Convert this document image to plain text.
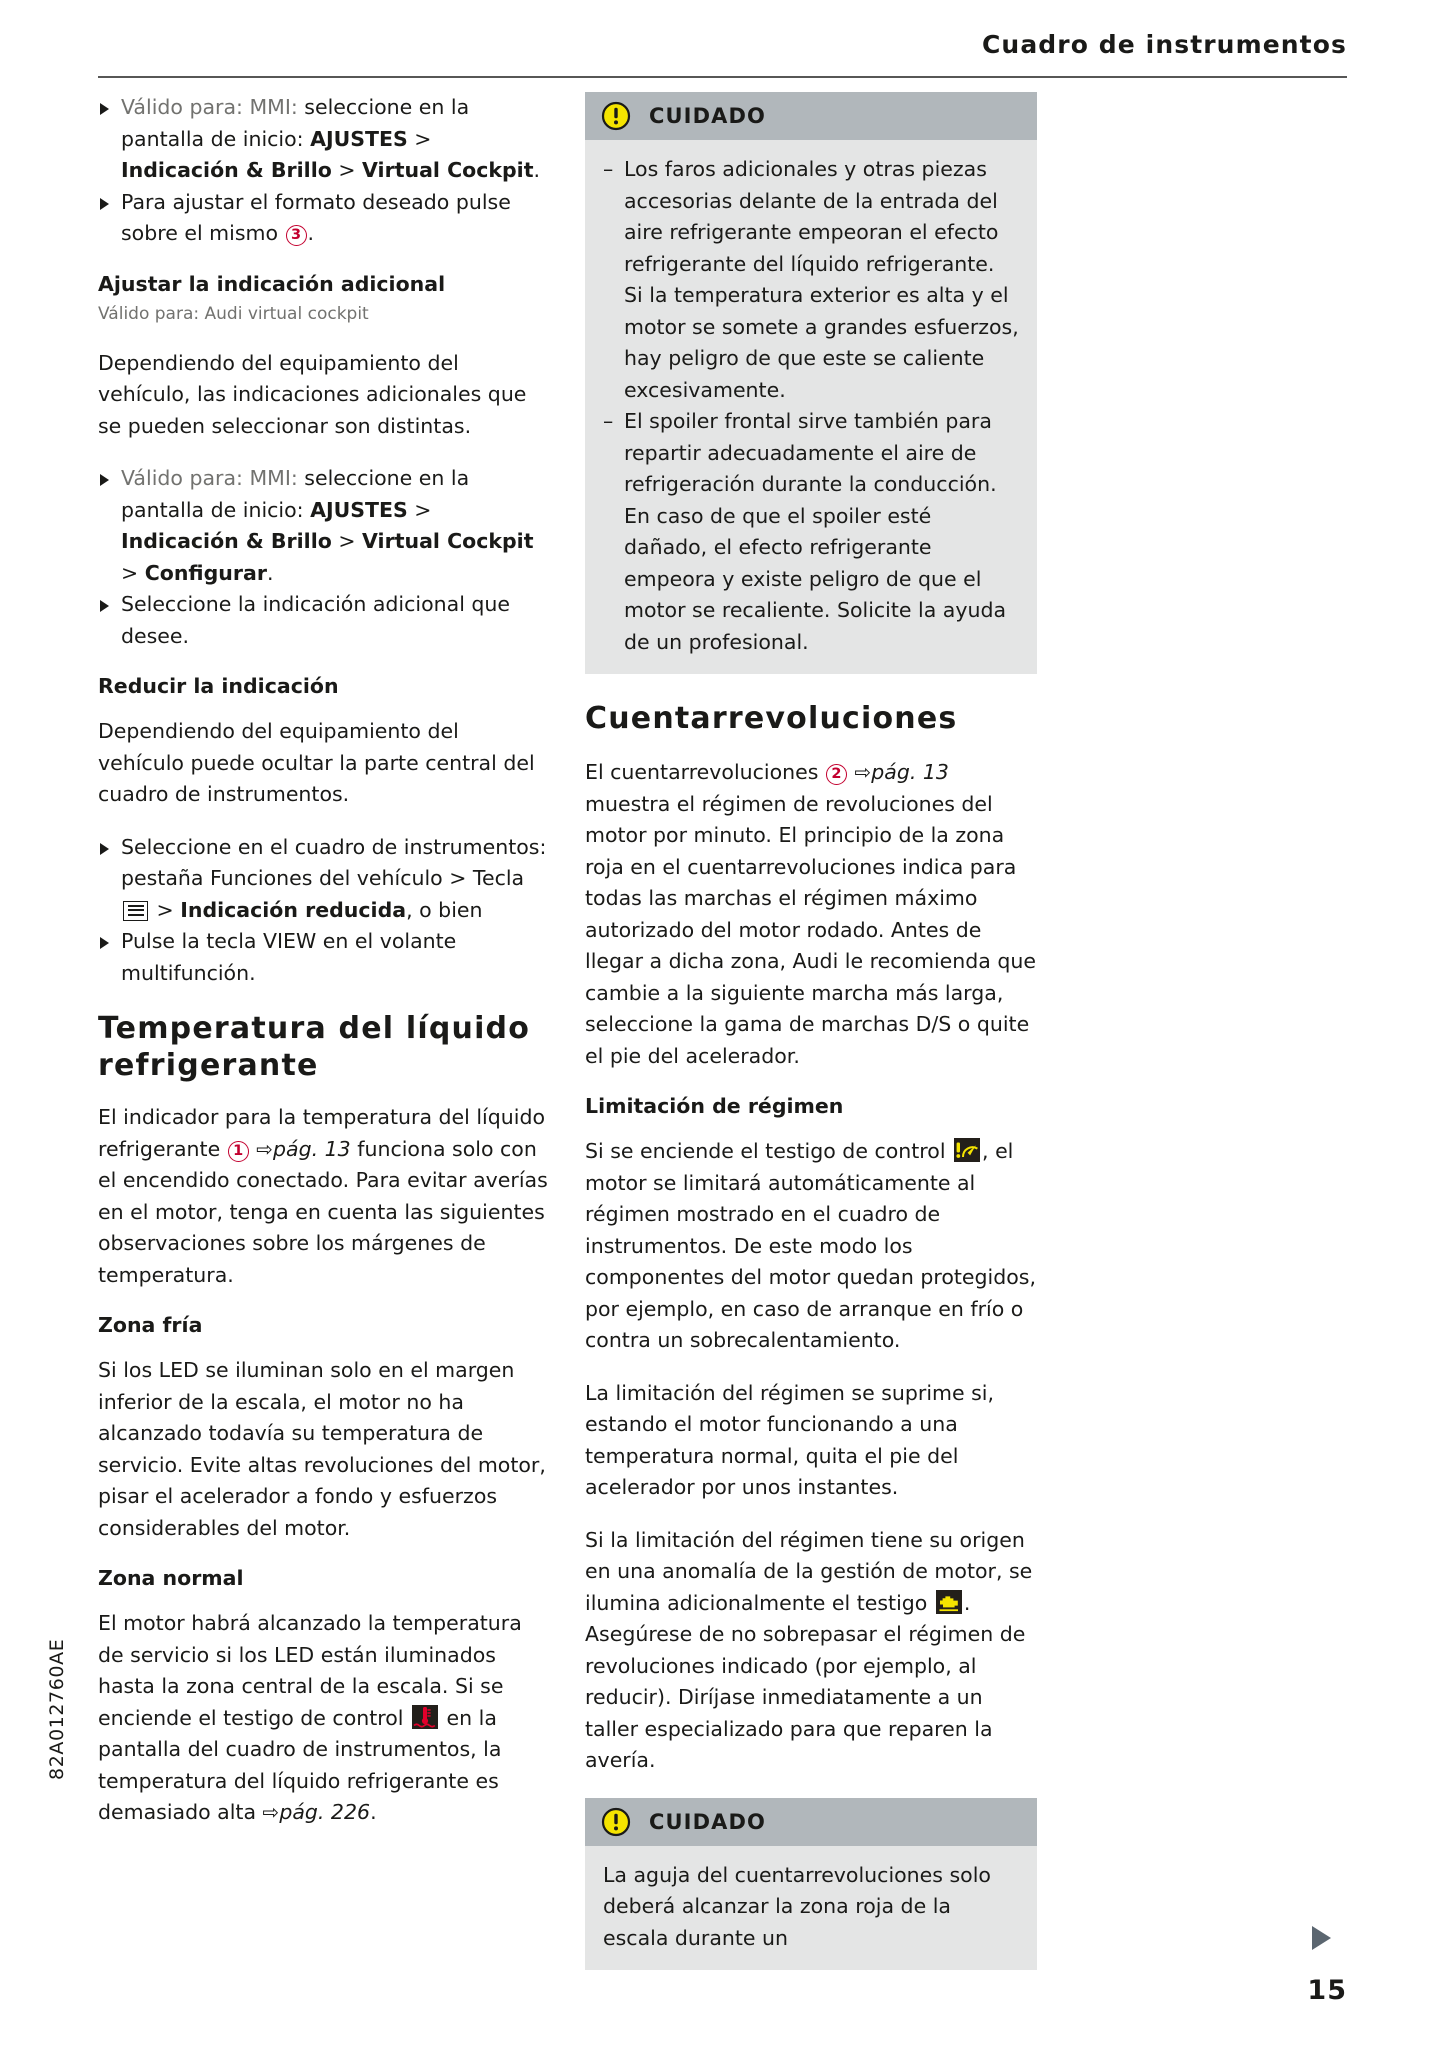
Cuadro de instrumentos
Válido para: MMI: seleccione en la pantalla de inicio: AJUSTES > Indicación & Brillo > Virtual Cockpit.
Para ajustar el formato deseado pulse sobre el mismo 3 .
Ajustar la indicación adicional
Válido para: Audi virtual cockpit

Dependiendo del equipamiento del vehículo, las indicaciones adicionales que se pueden seleccionar son distintas.

Válido para: MMI: seleccione en la pantalla de inicio: AJUSTES > Indicación & Brillo > Virtual Cockpit > Configurar.
Seleccione la indicación adicional que desee.
Reducir la indicación

Dependiendo del equipamiento del vehículo puede ocultar la parte central del cuadro de instrumentos.

Seleccione en el cuadro de instrumentos: pestaña Funciones del vehículo > Tecla
> Indicación reducida, o bien
Pulse la tecla VIEW en el volante multifunción.
Temperatura del líquido refrigerante

El indicador para la temperatura del líquido refrigerante 1 ⇨pág. 13 funciona solo con el encendido conectado. Para evitar averías en el motor, tenga en cuenta las siguientes observaciones sobre los márgenes de temperatura.

Zona fría

Si los LED se iluminan solo en el margen inferior de la escala, el motor no ha alcanzado todavía su temperatura de servicio. Evite altas revoluciones del motor, pisar el acelerador a fondo y esfuerzos considerables del motor.

Zona normal

El motor habrá alcanzado la temperatura de servicio si los LED están iluminados hasta la zona central de la escala. Si se enciende el testigo de control  en la pantalla del cuadro de instrumentos, la temperatura del líquido refrigerante es demasiado alta ⇨pág. 226.

CUIDADO
– Los faros adicionales y otras piezas accesorias delante de la entrada del aire refrigerante empeoran el efecto refrigerante del líquido refrigerante. Si la temperatura exterior es alta y el motor se somete a grandes esfuerzos, hay peligro de que este se caliente excesivamente.
– El spoiler frontal sirve también para repartir adecuadamente el aire de refrigeración durante la conducción. En caso de que el spoiler esté dañado, el efecto refrigerante empeora y existe peligro de que el motor se recaliente. Solicite la ayuda de un profesional.
Cuentarrevoluciones

El cuentarrevoluciones 2 ⇨pág. 13 muestra el régimen de revoluciones del motor por minuto. El principio de la zona roja en el cuentarrevoluciones indica para todas las marchas el régimen máximo autorizado del motor rodado. Antes de llegar a dicha zona, Audi le recomienda que cambie a la siguiente marcha más larga, seleccione la gama de marchas D/S o quite el pie del acelerador.

Limitación de régimen

Si se enciende el testigo de control , el motor se limitará automáticamente al régimen mostrado en el cuadro de instrumentos. De este modo los componentes del motor quedan protegidos, por ejemplo, en caso de arranque en frío o contra un sobrecalentamiento.

La limitación del régimen se suprime si, estando el motor funcionando a una temperatura normal, quita el pie del acelerador por unos instantes.

Si la limitación del régimen tiene su origen en una anomalía de la gestión de motor, se ilumina adicionalmente el testigo . Asegúrese de no sobrepasar el régimen de revoluciones indicado (por ejemplo, al reducir). Diríjase inmediatamente a un taller especializado para que reparen la avería.

CUIDADO

La aguja del cuentarrevoluciones solo deberá alcanzar la zona roja de la escala durante un

82A012760AE
15
